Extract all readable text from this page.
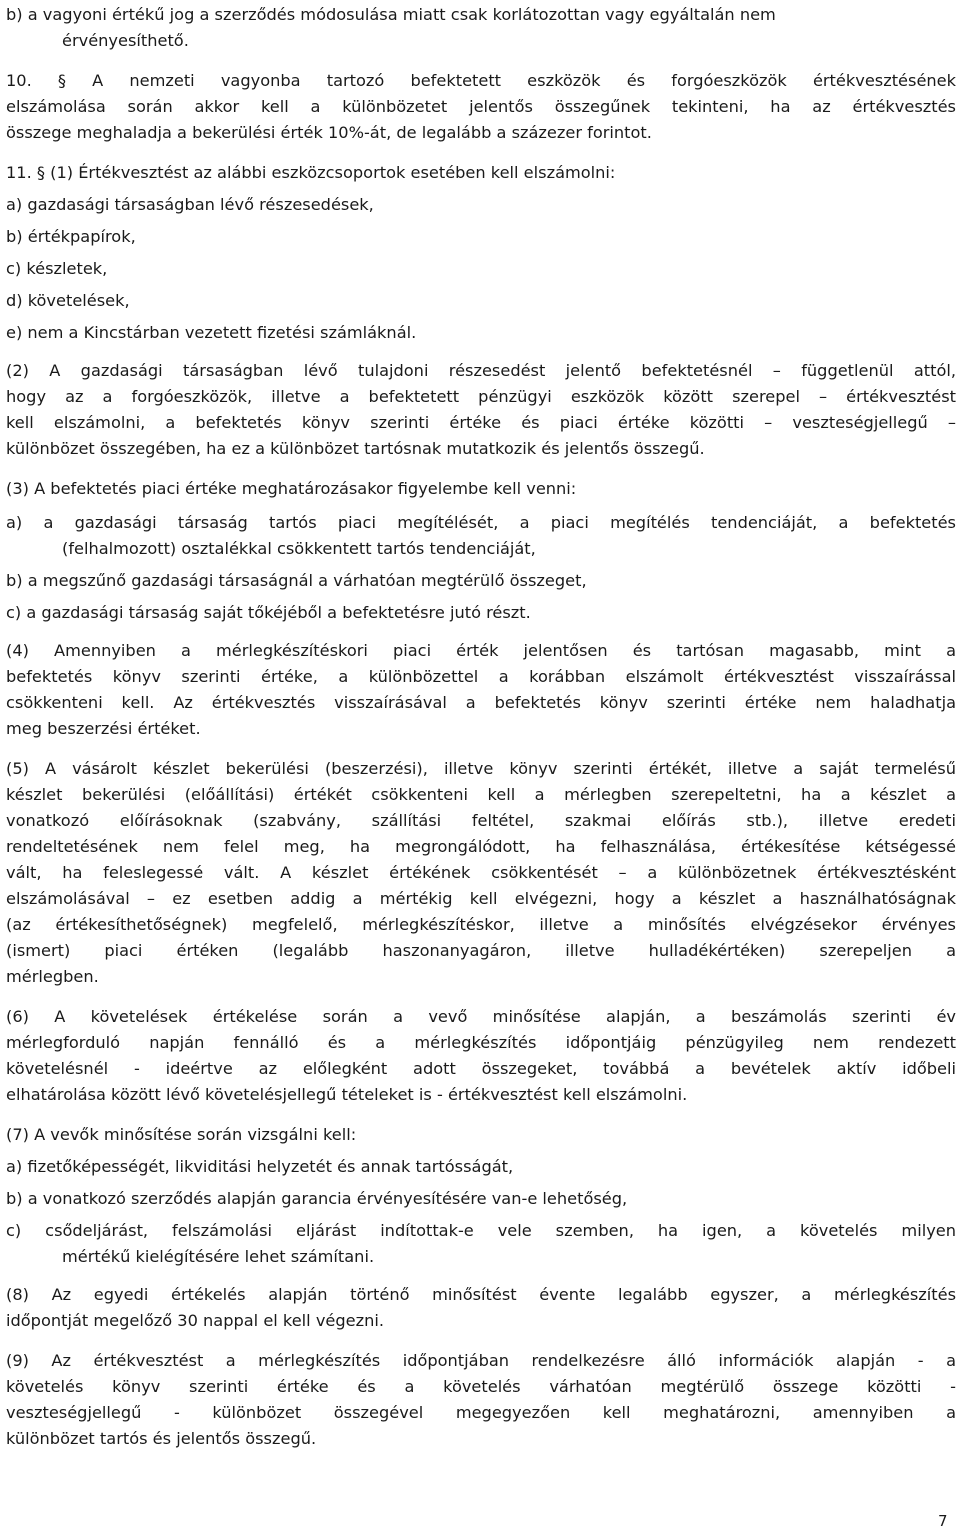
b) a vagyoni értékű jog a szerződés módosulása miatt csak korlátozottan vagy egyáltalán nem
érvényesíthető.
10. § A nemzeti vagyonba tartozó befektetett eszközök és forgóeszközök értékvesztésének
elszámolása során akkor kell a különbözetet jelentős összegűnek tekinteni, ha az értékvesztés
összege meghaladja a bekerülési érték 10%-át, de legalább a százezer forintot.
11. § (1) Értékvesztést az alábbi eszközcsoportok esetében kell elszámolni:
a) gazdasági társaságban lévő részesedések,
b) értékpapírok,
c) készletek,
d) követelések,
e) nem a Kincstárban vezetett fizetési számláknál.
(2) A gazdasági társaságban lévő tulajdoni részesedést jelentő befektetésnél – függetlenül attól,
hogy az a forgóeszközök, illetve a befektetett pénzügyi eszközök között szerepel – értékvesztést
kell elszámolni, a befektetés könyv szerinti értéke és piaci értéke közötti – veszteségjellegű –
különbözet összegében, ha ez a különbözet tartósnak mutatkozik és jelentős összegű.
(3) A befektetés piaci értéke meghatározásakor figyelembe kell venni:
a) a gazdasági társaság tartós piaci megítélését, a piaci megítélés tendenciáját, a befektetés
(felhalmozott) osztalékkal csökkentett tartós tendenciáját,
b) a megszűnő gazdasági társaságnál a várhatóan megtérülő összeget,
c) a gazdasági társaság saját tőkéjéből a befektetésre jutó részt.
(4) Amennyiben a mérlegkészítéskori piaci érték jelentősen és tartósan magasabb, mint a
befektetés könyv szerinti értéke, a különbözettel a korábban elszámolt értékvesztést visszaírással
csökkenteni kell. Az értékvesztés visszaírásával a befektetés könyv szerinti értéke nem haladhatja
meg beszerzési értéket.
(5) A vásárolt készlet bekerülési (beszerzési), illetve könyv szerinti értékét, illetve a saját termelésű
készlet bekerülési (előállítási) értékét csökkenteni kell a mérlegben szerepeltetni, ha a készlet a
vonatkozó előírásoknak (szabvány, szállítási feltétel, szakmai előírás stb.), illetve eredeti
rendeltetésének nem felel meg, ha megrongálódott, ha felhasználása, értékesítése kétségessé
vált, ha feleslegessé vált. A készlet értékének csökkentését – a különbözetnek értékvesztésként
elszámolásával – ez esetben addig a mértékig kell elvégezni, hogy a készlet a használhatóságnak
(az értékesíthetőségnek) megfelelő, mérlegkészítéskor, illetve a minősítés elvégzésekor érvényes
(ismert) piaci értéken (legalább haszonanyagáron, illetve hulladékértéken) szerepeljen a
mérlegben.
(6) A követelések értékelése során a vevő minősítése alapján, a beszámolás szerinti év
mérlegforduló napján fennálló és a mérlegkészítés időpontjáig pénzügyileg nem rendezett
követelésnél - ideértve az előlegként adott összegeket, továbbá a bevételek aktív időbeli
elhatárolása között lévő követelésjellegű tételeket is - értékvesztést kell elszámolni.
(7) A vevők minősítése során vizsgálni kell:
a) fizetőképességét, likviditási helyzetét és annak tartósságát,
b) a vonatkozó szerződés alapján garancia érvényesítésére van-e lehetőség,
c) csődeljárást, felszámolási eljárást indítottak-e vele szemben, ha igen, a követelés milyen
mértékű kielégítésére lehet számítani.
(8) Az egyedi értékelés alapján történő minősítést évente legalább egyszer, a mérlegkészítés
időpontját megelőző 30 nappal el kell végezni.
(9) Az értékvesztést a mérlegkészítés időpontjában rendelkezésre álló információk alapján - a
követelés könyv szerinti értéke és a követelés várhatóan megtérülő összege közötti -
veszteségjellegű - különbözet összegével megegyezően kell meghatározni, amennyiben a
különbözet tartós és jelentős összegű.
7
